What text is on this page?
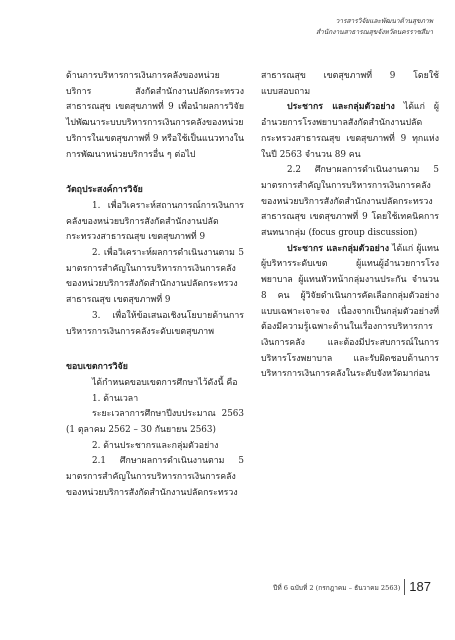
วารสารวิจัยและพัฒนาด้านสุขภาพ
สำนักงานสาธารณสุขจังหวัดนครราชสีมา

ด้านการบริหารการเงินการคลังของหน่วยบริการ สังกัดสำนักงานปลัดกระทรวงสาธารณสุข เขตสุขภาพที่ 9 เพื่อนำผลการวิจัยไปพัฒนาระบบบริหารการเงินการคลังของหน่วยบริการในเขตสุขภาพที่ 9 หรือใช้เป็นแนวทางในการพัฒนาหน่วยบริการอื่น ๆ ต่อไป

วัตถุประสงค์การวิจัย

1. เพื่อวิเคราะห์สถานการณ์การเงินการคลังของหน่วยบริการสังกัดสำนักงานปลัดกระทรวงสาธารณสุข เขตสุขภาพที่ 9

2. เพื่อวิเคราะห์ผลการดำเนินงานตาม 5 มาตรการสำคัญในการบริหารการเงินการคลังของหน่วยบริการสังกัดสำนักงานปลัดกระทรวงสาธารณสุข เขตสุขภาพที่ 9

3. เพื่อให้ข้อเสนอเชิงนโยบายด้านการบริหารการเงินการคลังระดับเขตสุขภาพ

ขอบเขตการวิจัย

ได้กำหนดขอบเขตการศึกษาไว้ดังนี้ คือ

1. ด้านเวลา

ระยะเวลาการศึกษาปีงบประมาณ 2563 (1 ตุลาคม 2562 – 30 กันยายน 2563)

2. ด้านประชากรและกลุ่มตัวอย่าง

2.1 ศึกษาผลการดำเนินงานตาม 5 มาตรการสำคัญในการบริหารการเงินการคลังของหน่วยบริการสังกัดสำนักงานปลัดกระทรวง

สาธารณสุข เขตสุขภาพที่ 9 โดยใช้แบบสอบถาม

ประชากร และกลุ่มตัวอย่าง ได้แก่ ผู้อำนวยการโรงพยาบาลสังกัดสำนักงานปลัดกระทรวงสาธารณสุข เขตสุขภาพที่ 9 ทุกแห่ง ในปี 2563 จำนวน 89 คน

2.2 ศึกษาผลการดำเนินงานตาม 5 มาตรการสำคัญในการบริหารการเงินการคลังของหน่วยบริการสังกัดสำนักงานปลัดกระทรวงสาธารณสุข เขตสุขภาพที่ 9 โดยใช้เทคนิคการสนทนากลุ่ม (focus group discussion)

ประชากร และกลุ่มตัวอย่าง ได้แก่ ผู้แทนผู้บริหารระดับเขต ผู้แทนผู้อำนวยการโรงพยาบาล ผู้แทนหัวหน้ากลุ่มงานประกัน จำนวน 8 คน ผู้วิจัยดำเนินการคัดเลือกกลุ่มตัวอย่างแบบเฉพาะเจาะจง เนื่องจากเป็นกลุ่มตัวอย่างที่ต้องมีความรู้เฉพาะด้านในเรื่องการบริหารการเงินการคลัง และต้องมีประสบการณ์ในการบริหารโรงพยาบาล และรับผิดชอบด้านการบริหารการเงินการคลังในระดับจังหวัดมาก่อน

ปีที่ 6 ฉบับที่ 2 (กรกฎาคม – ธันวาคม 2563) 187
